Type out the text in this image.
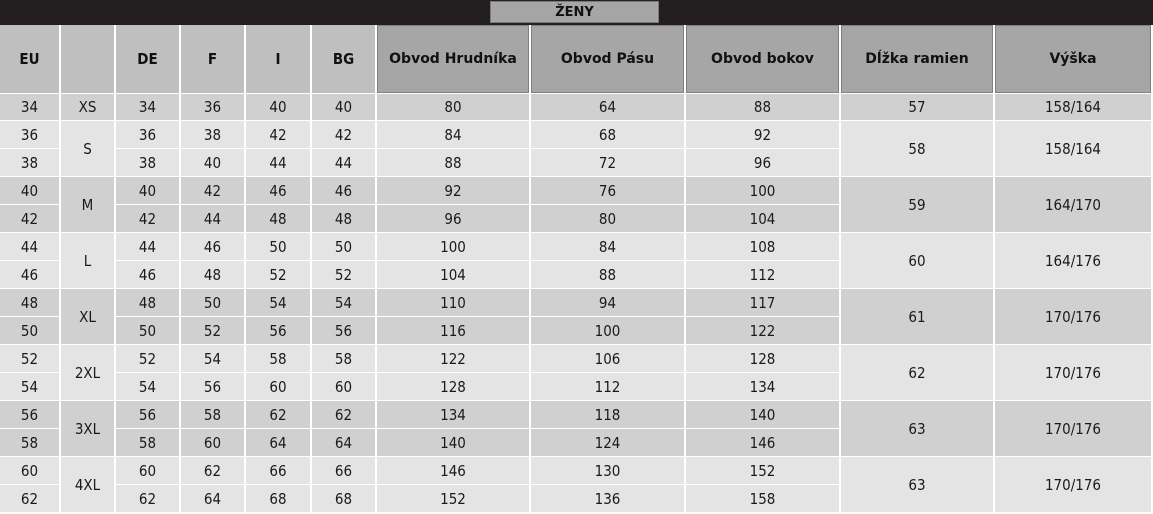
ŽENY
EU		DE	F	I	BG	Obvod Hrudníka	Obvod Pásu	Obvod bokov	Dĺžka ramien	Výška
34	XS	34	36	40	40	80	64	88	57	158/164
36	S	36	38	42	42	84	68	92	58	158/164
38		38	40	44	44	88	72	96		
40	M	40	42	46	46	92	76	100	59	164/170
42		42	44	48	48	96	80	104		
44	L	44	46	50	50	100	84	108	60	164/176
46		46	48	52	52	104	88	112		
48	XL	48	50	54	54	110	94	117	61	170/176
50		50	52	56	56	116	100	122		
52	2XL	52	54	58	58	122	106	128	62	170/176
54		54	56	60	60	128	112	134		
56	3XL	56	58	62	62	134	118	140	63	170/176
58		58	60	64	64	140	124	146		
60	4XL	60	62	66	66	146	130	152	63	170/176
62		62	64	68	68	152	136	158		
